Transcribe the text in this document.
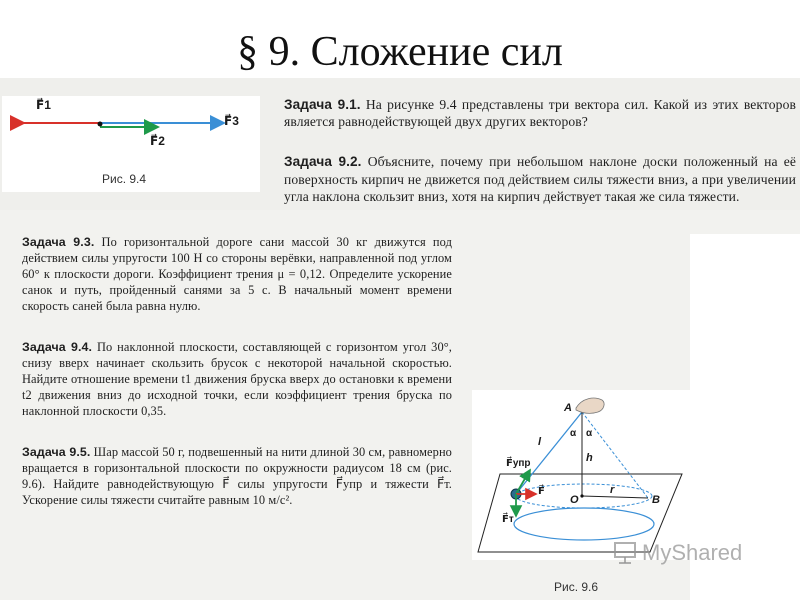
§ 9. Сложение сил
F⃗1
F⃗3
F⃗2
Рис. 9.4
Задача 9.1. На рисунке 9.4 представлены три вектора сил. Какой из этих векторов является равнодействующей двух других векторов?
Задача 9.2. Объясните, почему при небольшом наклоне доски положенный на её поверхность кирпич не движется под действием силы тяжести вниз, а при увеличении угла наклона скользит вниз, хотя на кирпич действует такая же сила тяжести.
Задача 9.3. По горизонтальной дороге сани массой 30 кг движутся под действием силы упругости 100 Н со стороны верёвки, направленной под углом 60° к плоскости дороги. Коэффициент трения μ = 0,12. Определите ускорение санок и путь, пройденный санями за 5 с. В начальный момент времени скорость саней была равна нулю.
Задача 9.4. По наклонной плоскости, составляющей с горизонтом угол 30°, снизу вверх начинает скользить брусок с некоторой начальной скоростью. Найдите отношение времени t1 движения бруска вверх до остановки к времени t2 движения вниз до исходной точки, если коэффициент трения бруска по наклонной плоскости 0,35.
Задача 9.5. Шар массой 50 г, подвешенный на нити длиной 30 см, равномерно вращается в горизонтальной плоскости по окружности радиусом 18 см (рис. 9.6). Найдите равнодействующую F⃗ силы упругости F⃗упр и тяжести F⃗т. Ускорение силы тяжести считайте равным 10 м/с².
A
B
O
l
h
r
α α
F⃗упр
F⃗
F⃗т
Рис. 9.6
MyShared
